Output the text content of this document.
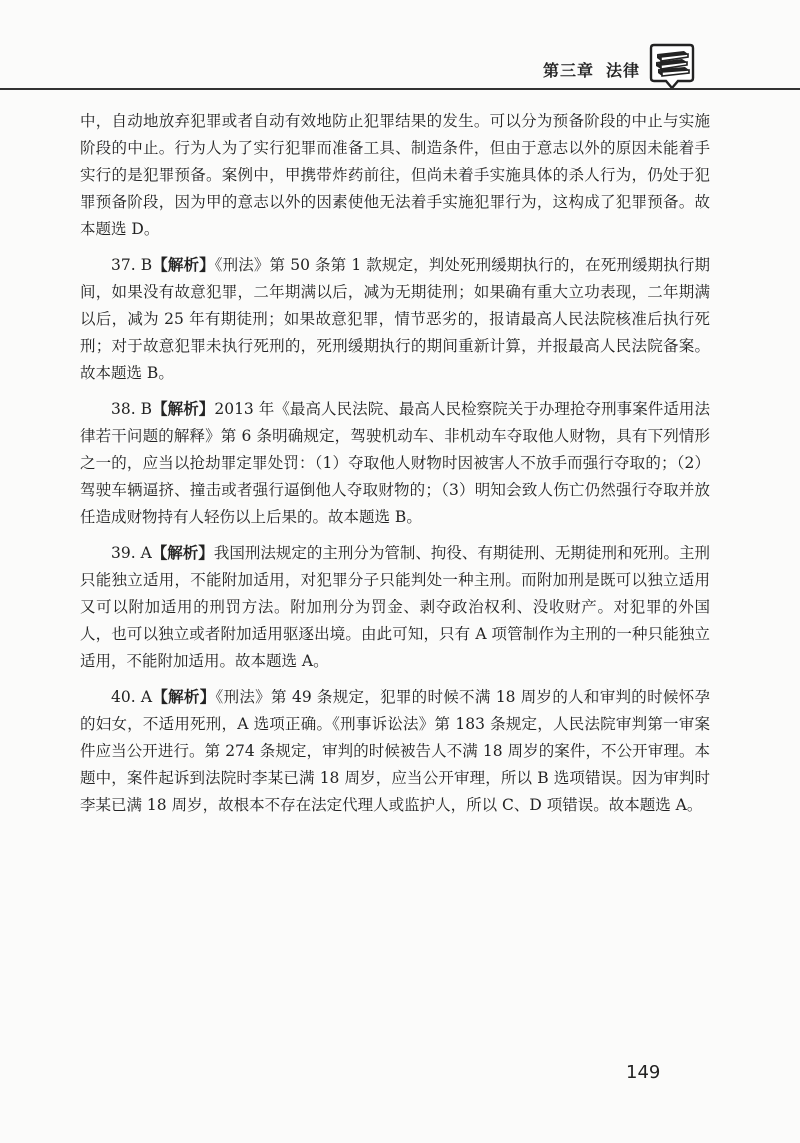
第三章 法律

中，自动地放弃犯罪或者自动有效地防止犯罪结果的发生。可以分为预备阶段的中止与实施阶段的中止。行为人为了实行犯罪而准备工具、制造条件，但由于意志以外的原因未能着手实行的是犯罪预备。案例中，甲携带炸药前往，但尚未着手实施具体的杀人行为，仍处于犯罪预备阶段，因为甲的意志以外的因素使他无法着手实施犯罪行为，这构成了犯罪预备。故本题选 D。

37. B【解析】《刑法》第 50 条第 1 款规定，判处死刑缓期执行的，在死刑缓期执行期间，如果没有故意犯罪，二年期满以后，减为无期徒刑；如果确有重大立功表现，二年期满以后，减为 25 年有期徒刑；如果故意犯罪，情节恶劣的，报请最高人民法院核准后执行死刑；对于故意犯罪未执行死刑的，死刑缓期执行的期间重新计算，并报最高人民法院备案。故本题选 B。

38. B【解析】2013 年《最高人民法院、最高人民检察院关于办理抢夺刑事案件适用法律若干问题的解释》第 6 条明确规定，驾驶机动车、非机动车夺取他人财物，具有下列情形之一的，应当以抢劫罪定罪处罚：（1）夺取他人财物时因被害人不放手而强行夺取的；（2）驾驶车辆逼挤、撞击或者强行逼倒他人夺取财物的；（3）明知会致人伤亡仍然强行夺取并放任造成财物持有人轻伤以上后果的。故本题选 B。

39. A【解析】我国刑法规定的主刑分为管制、拘役、有期徒刑、无期徒刑和死刑。主刑只能独立适用，不能附加适用，对犯罪分子只能判处一种主刑。而附加刑是既可以独立适用又可以附加适用的刑罚方法。附加刑分为罚金、剥夺政治权利、没收财产。对犯罪的外国人，也可以独立或者附加适用驱逐出境。由此可知，只有 A 项管制作为主刑的一种只能独立适用，不能附加适用。故本题选 A。

40. A【解析】《刑法》第 49 条规定，犯罪的时候不满 18 周岁的人和审判的时候怀孕的妇女，不适用死刑，A 选项正确。《刑事诉讼法》第 183 条规定，人民法院审判第一审案件应当公开进行。第 274 条规定，审判的时候被告人不满 18 周岁的案件，不公开审理。本题中，案件起诉到法院时李某已满 18 周岁，应当公开审理，所以 B 选项错误。因为审判时李某已满 18 周岁，故根本不存在法定代理人或监护人，所以 C、D 项错误。故本题选 A。

149
